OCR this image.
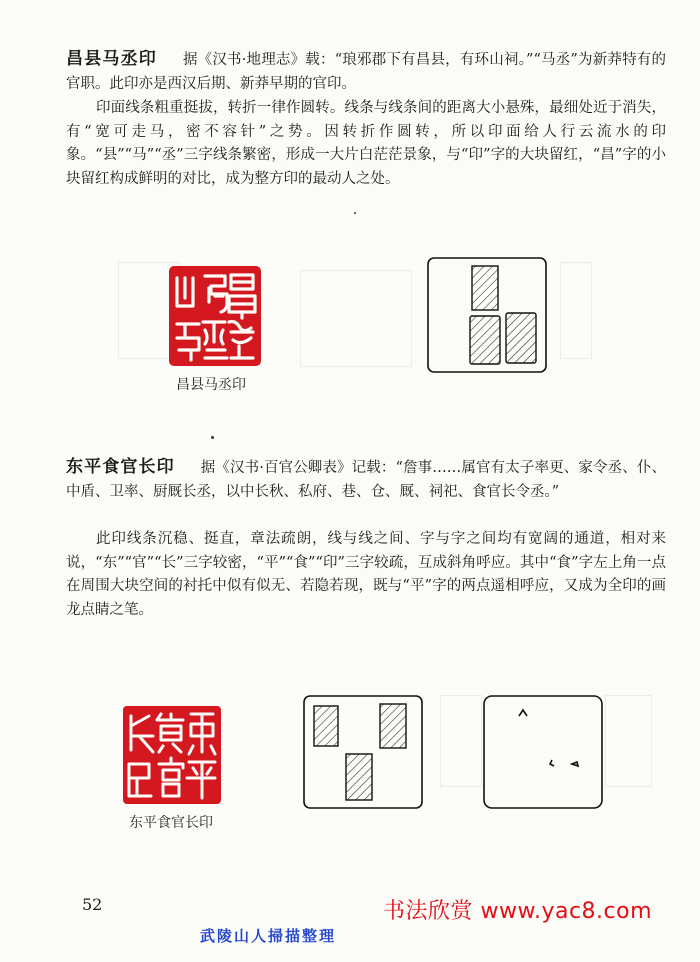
昌县马丞印 据《汉书·地理志》载：“琅邪郡下有昌县，有环山祠。”“马丞”为新莽特有的官职。此印亦是西汉后期、新莽早期的官印。

印面线条粗重挺拔，转折一律作圆转。线条与线条间的距离大小悬殊，最细处近于消失，有“宽可走马，密不容针”之势。因转折作圆转，所以印面给人行云流水的印象。“县”“马”“丞”三字线条繁密，形成一大片白茫茫景象，与“印”字的大块留红，“昌”字的小块留红构成鲜明的对比，成为整方印的最动人之处。

昌县马丞印

东平食官长印 据《汉书·百官公卿表》记载：“詹事……属官有太子率更、家令丞、仆、中盾、卫率、厨厩长丞，以中长秋、私府、巷、仓、厩、祠祀、食官长令丞。”

此印线条沉稳、挺直，章法疏朗，线与线之间、字与字之间均有宽阔的通道，相对来说，“东”“官”“长”三字较密，“平”“食”“印”三字较疏，互成斜角呼应。其中“食”字左上角一点在周围大块空间的衬托中似有似无、若隐若现，既与“平”字的两点遥相呼应，又成为全印的画龙点睛之笔。

东平食官长印
52	书法欣赏 www.yac8.com
武陵山人掃描整理
